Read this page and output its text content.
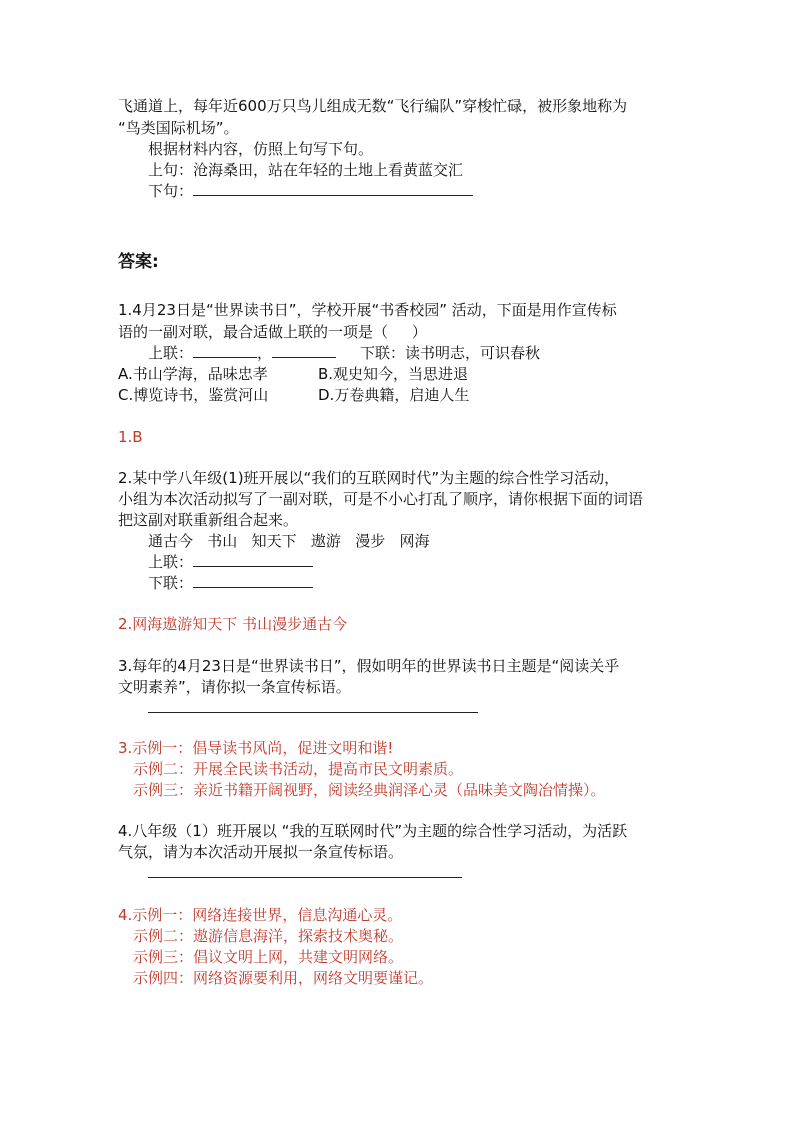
飞通道上，每年近600万只鸟儿组成无数“飞行编队”穿梭忙碌，被形象地称为
“鸟类国际机场”。
根据材料内容，仿照上句写下句。
上句：沧海桑田，站在年轻的土地上看黄蓝交汇
下句：
答案:
1.4月23日是“世界读书日”，学校开展“书香校园” 活动，下面是用作宣传标
语的一副对联，最合适做上联的一项是（     ）
上联：	，	下联：读书明志，可识春秋
A.书山学海，品味忠孝	B.观史知今，当思进退
C.博览诗书，鉴赏河山	D.万卷典籍，启迪人生
1.B
2.某中学八年级(1)班开展以“我们的互联网时代”为主题的综合性学习活动，
小组为本次活动拟写了一副对联，可是不小心打乱了顺序，请你根据下面的词语
把这副对联重新组合起来。
通古今   书山   知天下   遨游   漫步   网海
上联：
下联：
2.网海遨游知天下 书山漫步通古今
3.每年的4月23日是“世界读书日”，假如明年的世界读书日主题是“阅读关乎
文明素养”，请你拟一条宣传标语。
3.示例一：倡导读书风尚，促进文明和谐!
示例二：开展全民读书活动，提高市民文明素质。
示例三：亲近书籍开阔视野，阅读经典润泽心灵（品味美文陶冶情操）。
4.八年级（1）班开展以 “我的互联网时代”为主题的综合性学习活动，为活跃
气氛，请为本次活动开展拟一条宣传标语。
4.示例一：网络连接世界，信息沟通心灵。
示例二：遨游信息海洋，探索技术奥秘。
示例三：倡议文明上网，共建文明网络。
示例四：网络资源要利用，网络文明要谨记。
